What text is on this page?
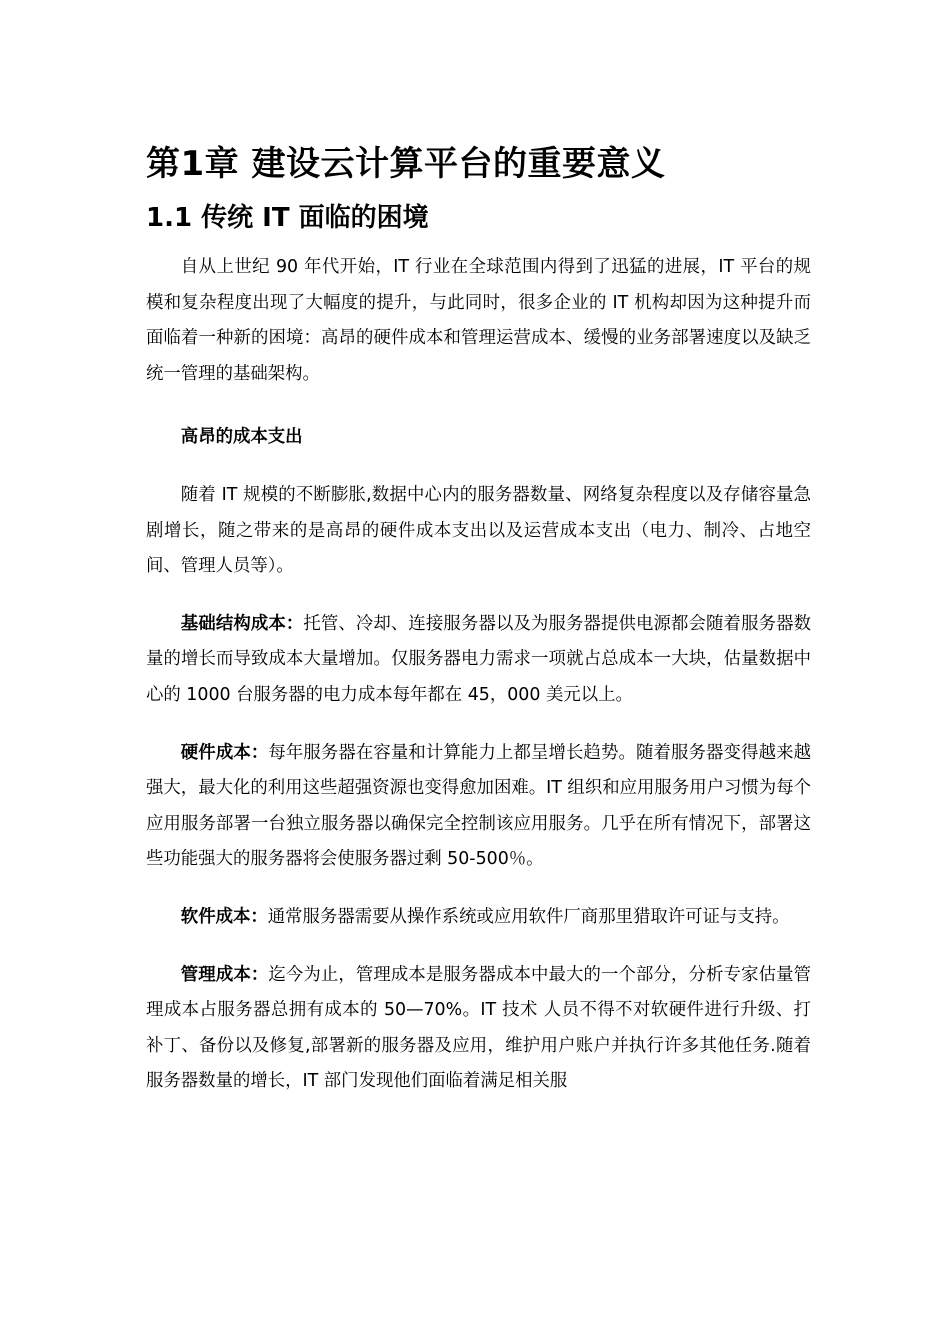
第1章 建设云计算平台的重要意义
1.1 传统 IT 面临的困境

自从上世纪 90 年代开始，IT 行业在全球范围内得到了迅猛的进展，IT 平台的规模和复杂程度出现了大幅度的提升，与此同时，很多企业的 IT 机构却因为这种提升而面临着一种新的困境：高昂的硬件成本和管理运营成本、缓慢的业务部署速度以及缺乏统一管理的基础架构。

高昂的成本支出

随着 IT 规模的不断膨胀,数据中心内的服务器数量、网络复杂程度以及存储容量急剧增长，随之带来的是高昂的硬件成本支出以及运营成本支出（电力、制冷、占地空间、管理人员等）。

基础结构成本：托管、冷却、连接服务器以及为服务器提供电源都会随着服务器数量的增长而导致成本大量增加。仅服务器电力需求一项就占总成本一大块，估量数据中心的 1000 台服务器的电力成本每年都在 45，000 美元以上。

硬件成本：每年服务器在容量和计算能力上都呈增长趋势。随着服务器变得越来越强大，最大化的利用这些超强资源也变得愈加困难。IT 组织和应用服务用户习惯为每个应用服务部署一台独立服务器以确保完全控制该应用服务。几乎在所有情况下，部署这些功能强大的服务器将会使服务器过剩 50-500％。

软件成本：通常服务器需要从操作系统或应用软件厂商那里猎取许可证与支持。

管理成本：迄今为止，管理成本是服务器成本中最大的一个部分，分析专家估量管理成本占服务器总拥有成本的 50—70%。IT 技术 人员不得不对软硬件进行升级、打补丁、备份以及修复,部署新的服务器及应用，维护用户账户并执行许多其他任务.随着服务器数量的增长，IT 部门发现他们面临着满足相关服
